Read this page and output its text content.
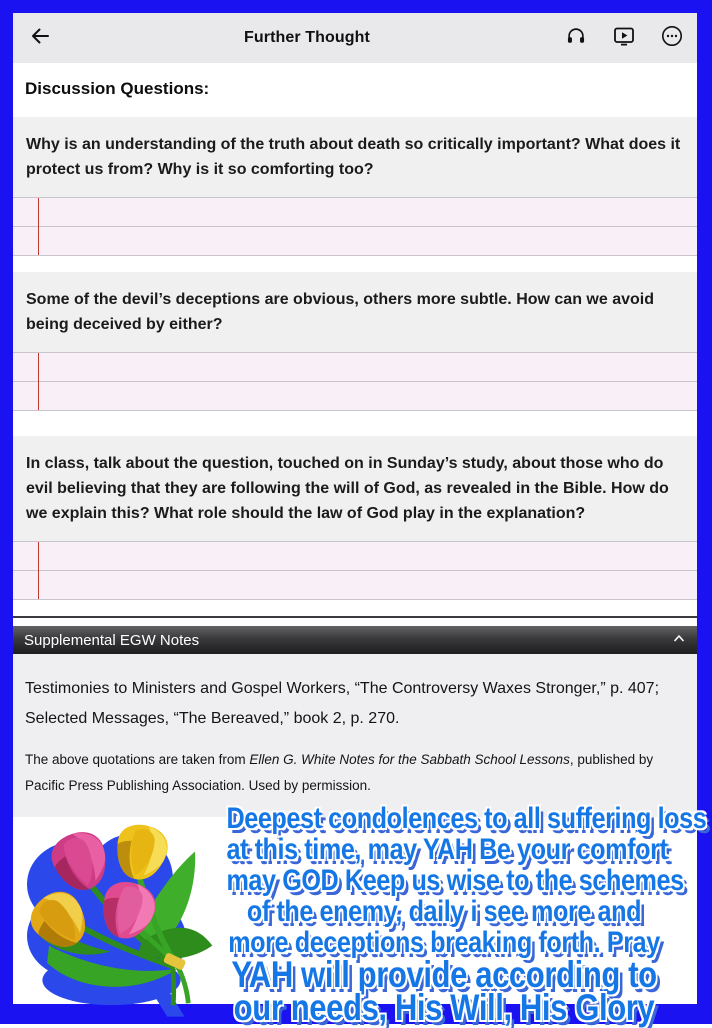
Further Thought
Discussion Questions:
Why is an understanding of the truth about death so critically important? What does it protect us from? Why is it so comforting too?
Some of the devil’s deceptions are obvious, others more subtle. How can we avoid being deceived by either?
In class, talk about the question, touched on in Sunday’s study, about those who do evil believing that they are following the will of God, as revealed in the Bible. How do we explain this? What role should the law of God play in the explanation?
Supplemental EGW Notes
Testimonies to Ministers and Gospel Workers, “The Controversy Waxes Stronger,” p. 407; Selected Messages, “The Bereaved,” book 2, p. 270.
The above quotations are taken from Ellen G. White Notes for the Sabbath School Lessons, published by Pacific Press Publishing Association. Used by permission.
Deepest condolences to all suffering loss
at this time, may YAH Be your comfort
may GOD Keep us wise to the schemes
of the enemy, daily i see more and
more deceptions breaking forth. Pray
YAH will provide according to
our needs, His Will, His Glory
